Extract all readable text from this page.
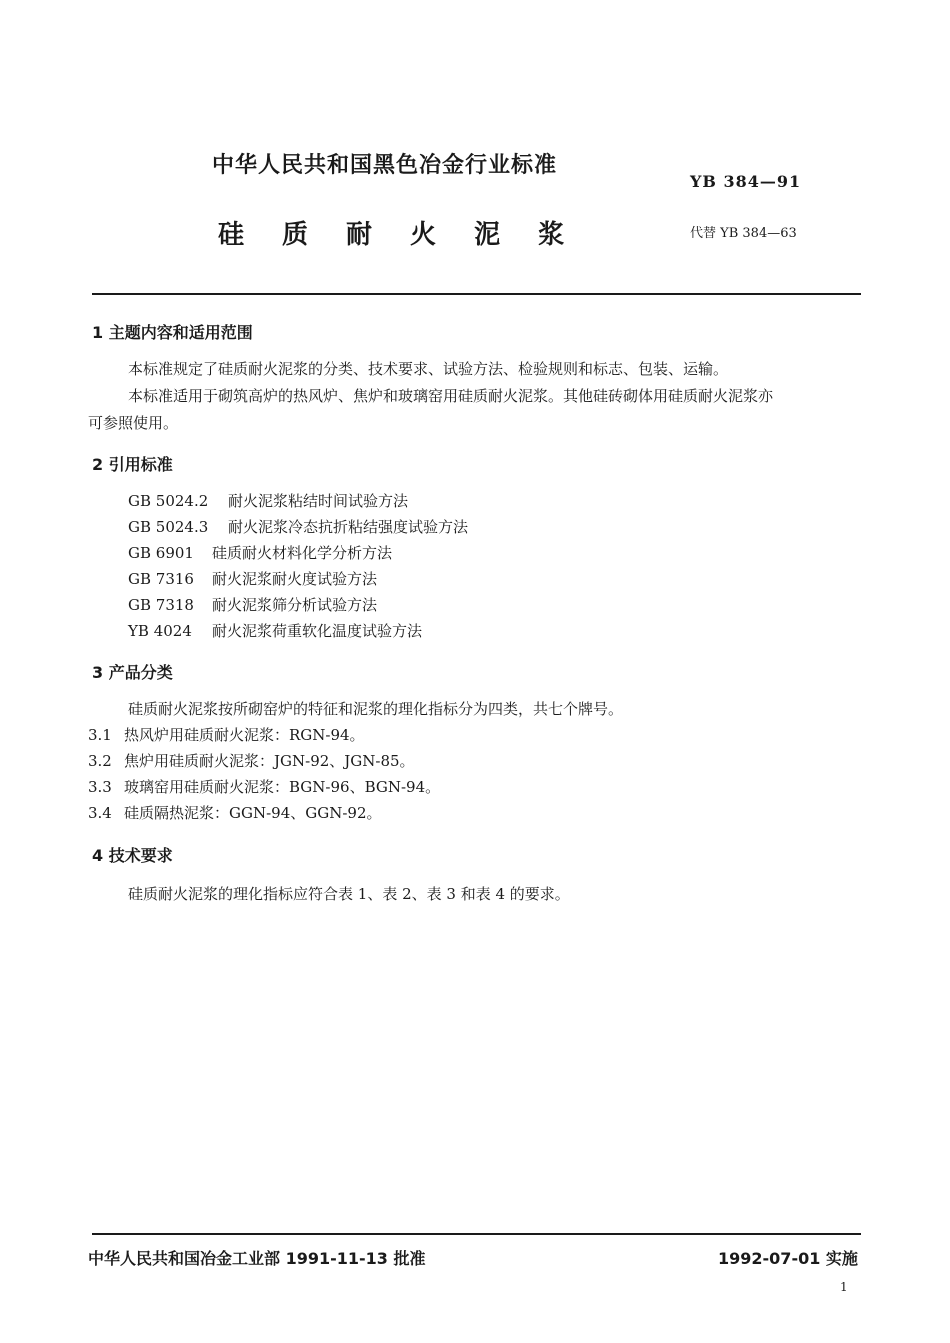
中华人民共和国黑色冶金行业标准
YB 384—91
硅 质 耐 火 泥 浆	代替 YB 384—63
1 主题内容和适用范围
本标准规定了硅质耐火泥浆的分类、技术要求、试验方法、检验规则和标志、包装、运输。
本标准适用于砌筑高炉的热风炉、焦炉和玻璃窑用硅质耐火泥浆。其他硅砖砌体用硅质耐火泥浆亦
可参照使用。
2 引用标准
GB 5024.2 耐火泥浆粘结时间试验方法
GB 5024.3 耐火泥浆冷态抗折粘结强度试验方法
GB 6901 硅质耐火材料化学分析方法
GB 7316 耐火泥浆耐火度试验方法
GB 7318 耐火泥浆筛分析试验方法
YB 4024 耐火泥浆荷重软化温度试验方法
3 产品分类
硅质耐火泥浆按所砌窑炉的特征和泥浆的理化指标分为四类，共七个牌号。
3.1 热风炉用硅质耐火泥浆：RGN-94。
3.2 焦炉用硅质耐火泥浆：JGN-92、JGN-85。
3.3 玻璃窑用硅质耐火泥浆：BGN-96、BGN-94。
3.4 硅质隔热泥浆：GGN-94、GGN-92。
4 技术要求
硅质耐火泥浆的理化指标应符合表 1、表 2、表 3 和表 4 的要求。
中华人民共和国冶金工业部 1991-11-13 批准	1992-07-01 实施
1
